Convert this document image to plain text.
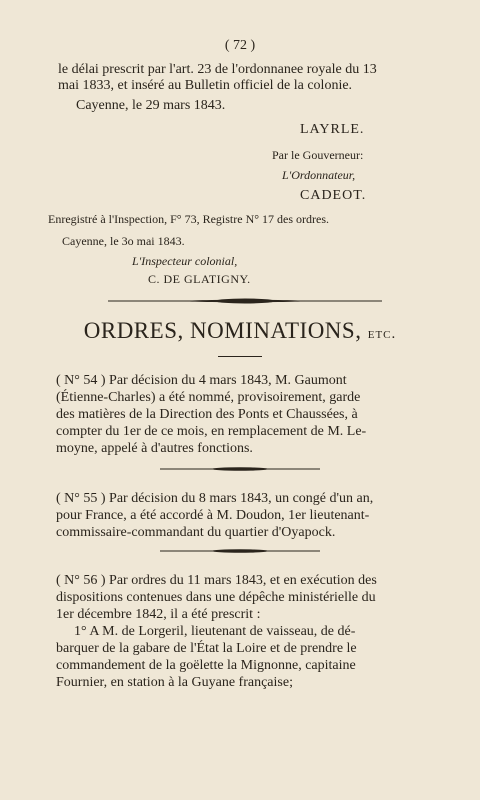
( 72 )
le délai prescrit par l'art. 23 de l'ordonnanee royale du 13
mai 1833, et inséré au Bulletin officiel de la colonie.
Cayenne, le 29 mars 1843.
LAYRLE.
Par le Gouverneur:
L'Ordonnateur,
CADEOT.
Enregistré à l'Inspection, F° 73, Registre N° 17 des ordres.
Cayenne, le 3o mai 1843.
L'Inspecteur colonial,
C. DE GLATIGNY.
ORDRES, NOMINATIONS, etc.
( N° 54 ) Par décision du 4 mars 1843, M. Gaumont
(Étienne-Charles) a été nommé, provisoirement, garde
des matières de la Direction des Ponts et Chaussées, à
compter du 1er de ce mois, en remplacement de M. Le-
moyne, appelé à d'autres fonctions.
( N° 55 ) Par décision du 8 mars 1843, un congé d'un an,
pour France, a été accordé à M. Doudon, 1er lieutenant-
commissaire-commandant du quartier d'Oyapock.
( N° 56 ) Par ordres du 11 mars 1843, et en exécution des
dispositions contenues dans une dépêche ministérielle du
1er décembre 1842, il a été prescrit :
1° A M. de Lorgeril, lieutenant de vaisseau, de dé-
barquer de la gabare de l'État la Loire et de prendre le
commandement de la goëlette la Mignonne, capitaine
Fournier, en station à la Guyane française;
